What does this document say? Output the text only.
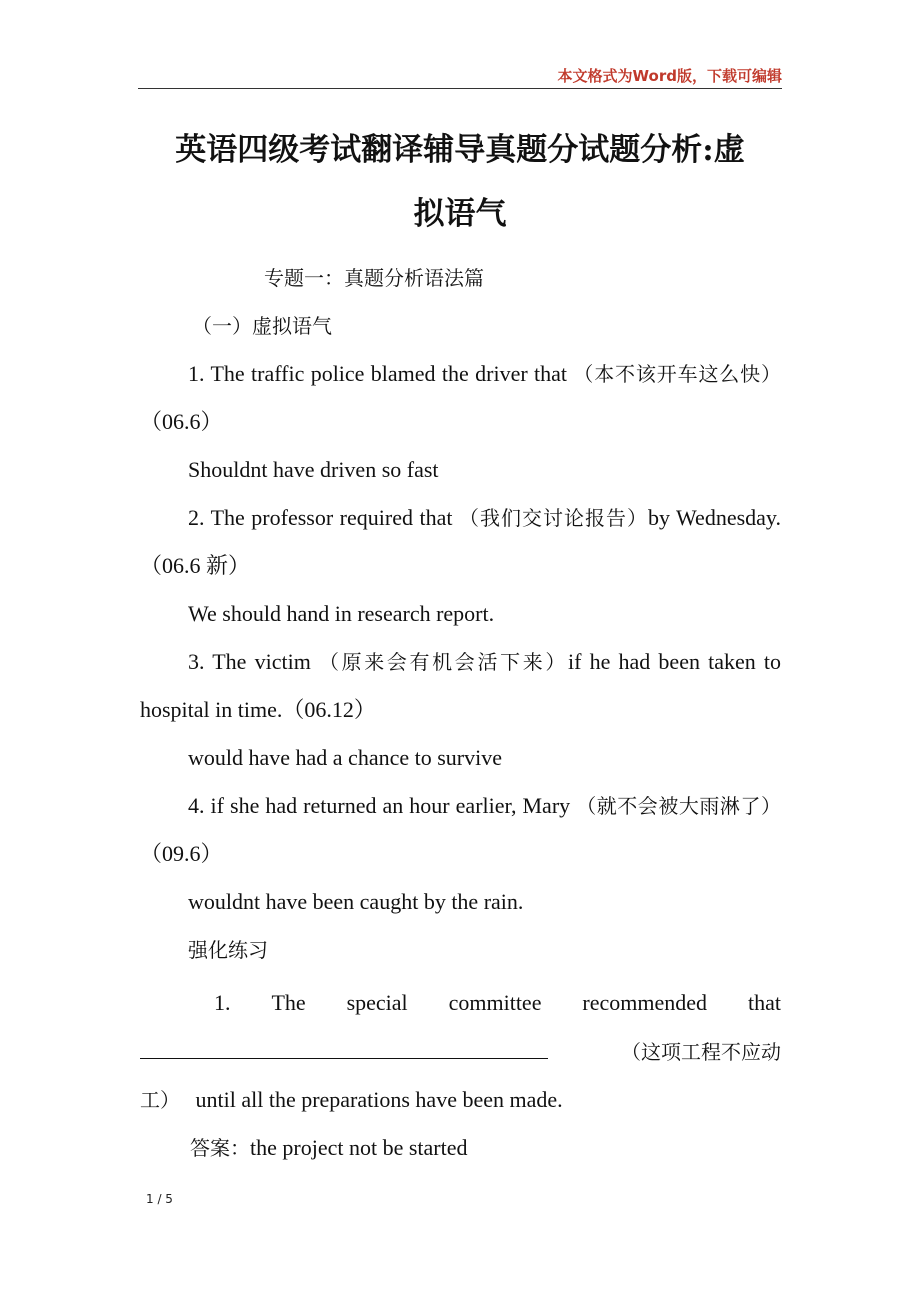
本文格式为Word版，下载可编辑
英语四级考试翻译辅导真题分试题分析:虚
拟语气

专题一：真题分析语法篇

（一）虚拟语气

1. The traffic police blamed the driver that （本不该开车这么快）（06.6）

Shouldnt have driven so fast

2. The professor required that （我们交讨论报告）by Wednesday. （06.6 新）

We should hand in research report.

3. The victim （原来会有机会活下来）if he had been taken to hospital in time.（06.12）

would have had a chance to survive

4. if she had returned an hour earlier, Mary （就不会被大雨淋了）（09.6）

wouldnt have been caught by the rain.

强化练习

1. The special committee recommended that
（这项工程不应动
工） until all the preparations have been made.
答案：the project not be started
1 / 5
